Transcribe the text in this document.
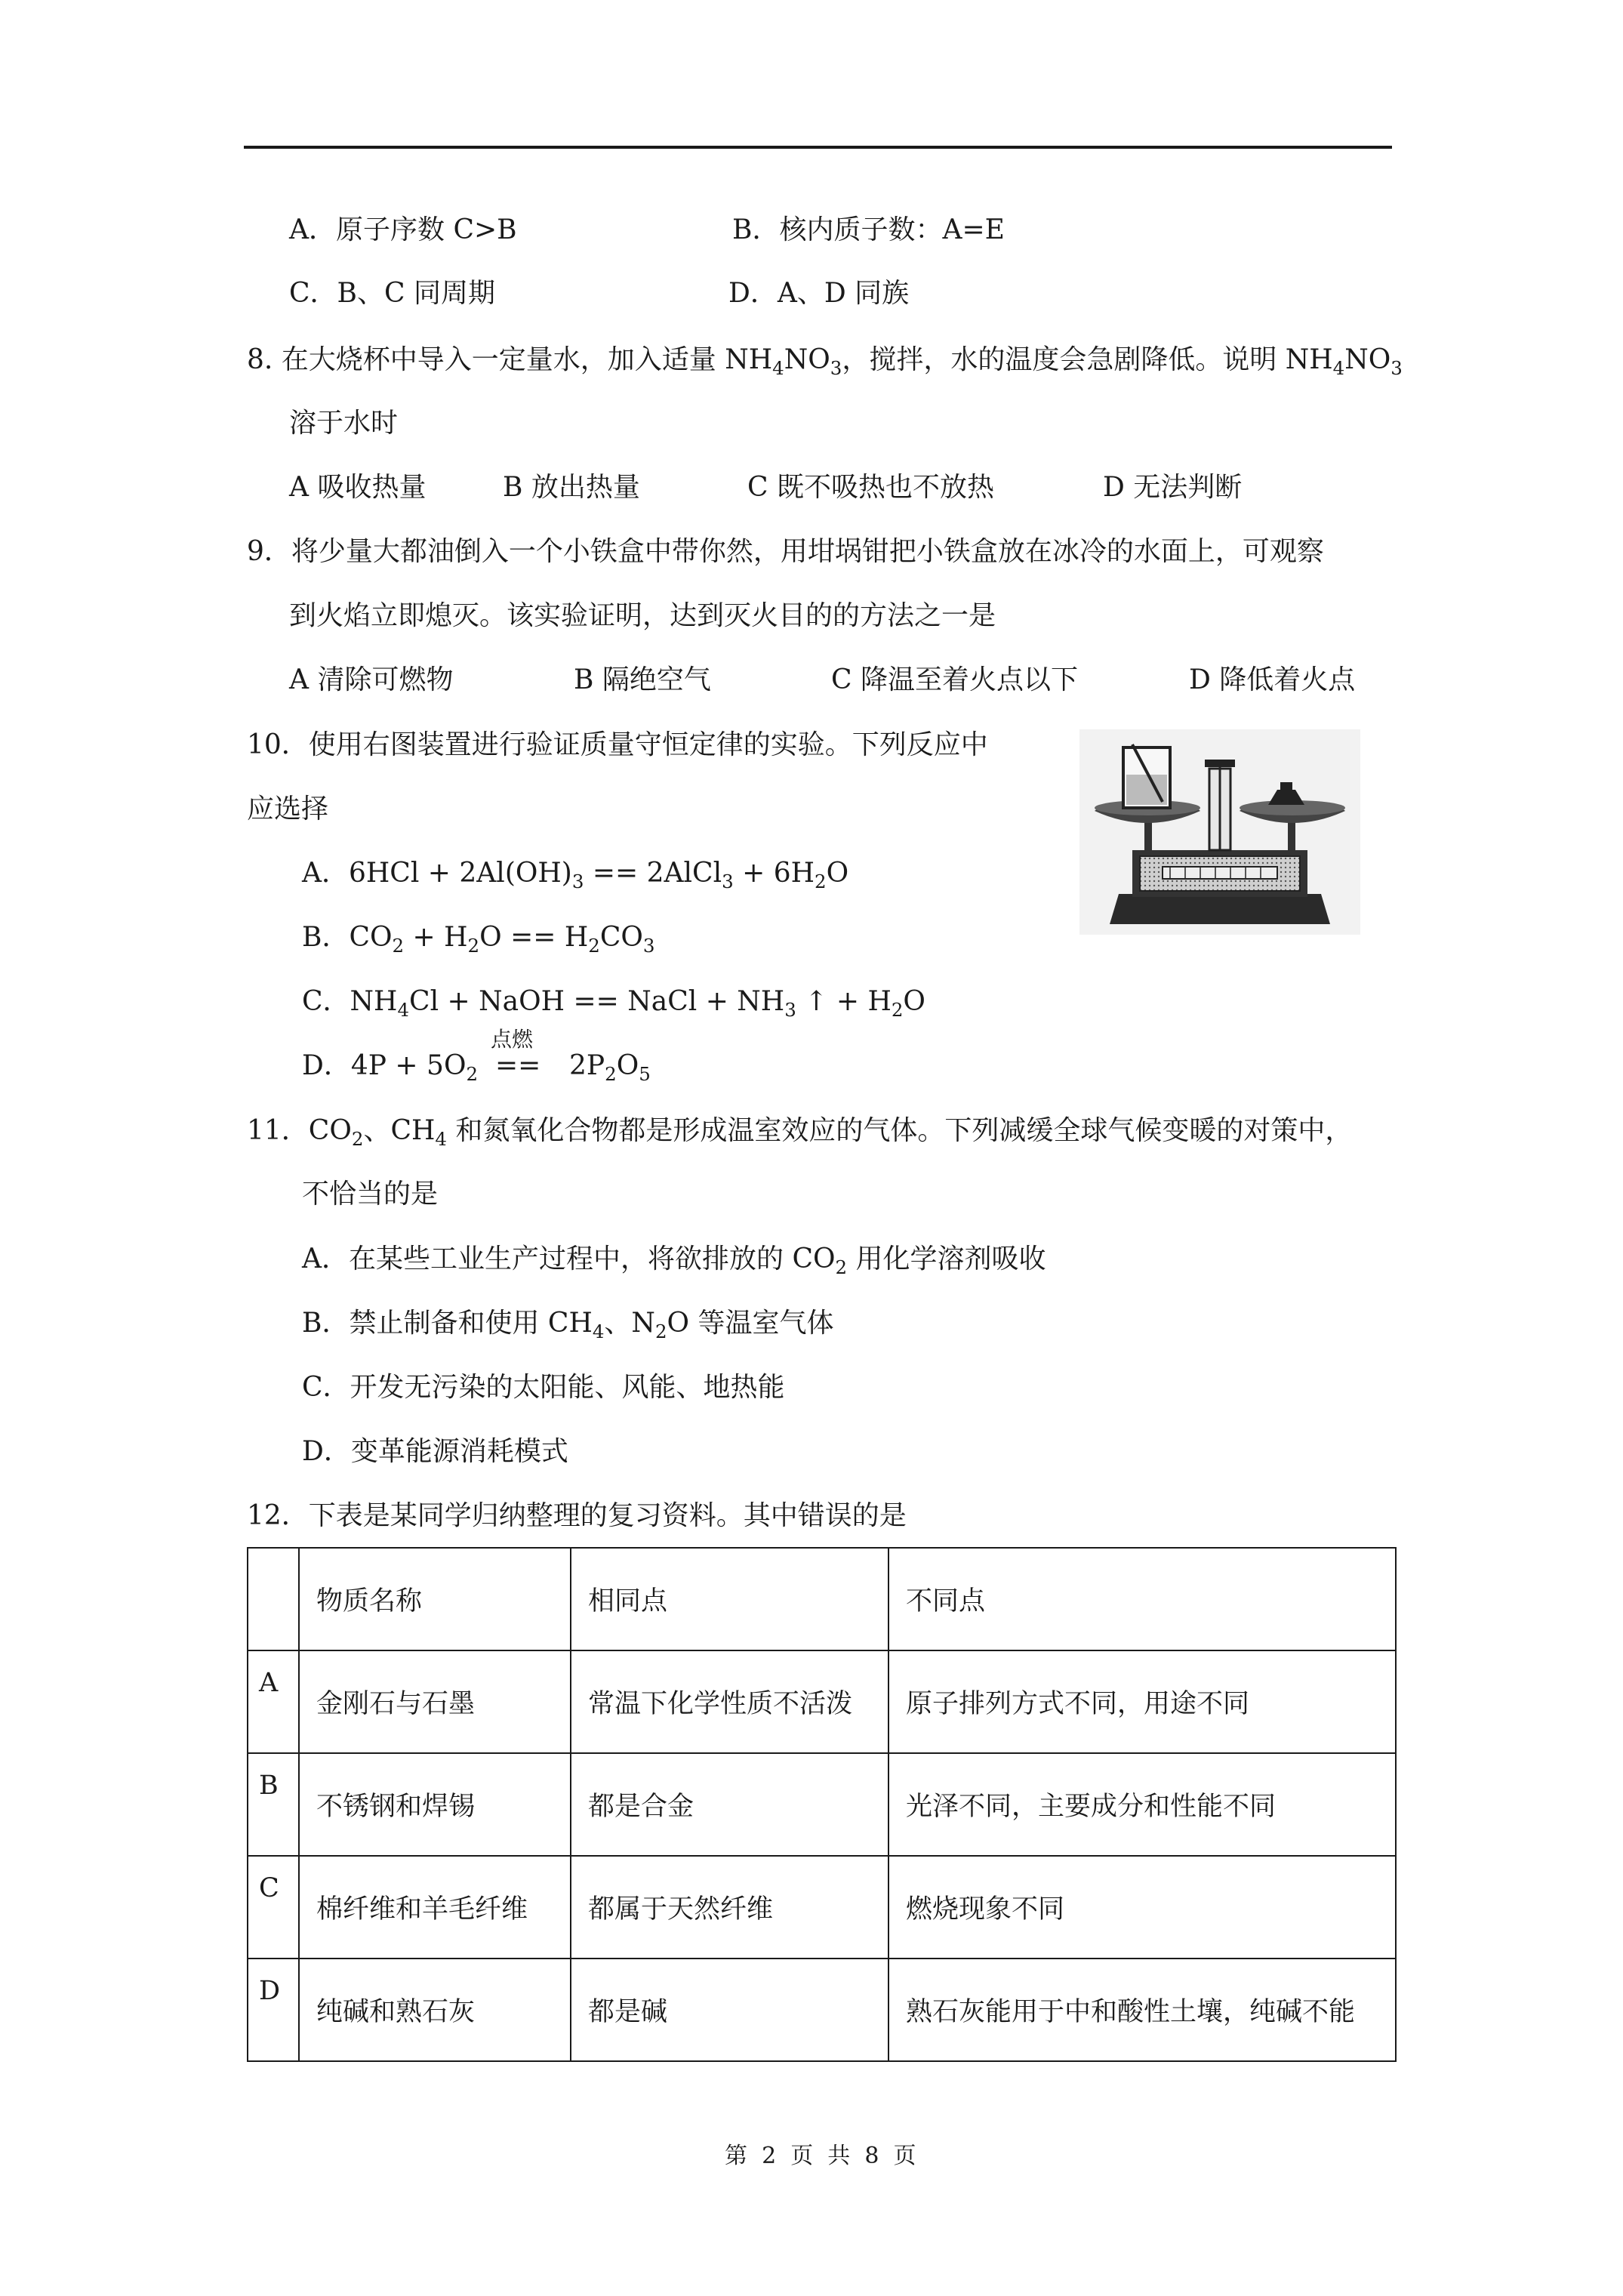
A．原子序数 C>B	B．核内质子数：A=E
C．B、C 同周期	D．A、D 同族
8. 在大烧杯中导入一定量水，加入适量 $NH_4NO_3$，搅拌，水的温度会急剧降低。说明 $NH_4NO_3$
溶于水时
A 吸收热量	B 放出热量	C 既不吸热也不放热	D 无法判断
9．将少量大都油倒入一个小铁盒中带你然，用坩埚钳把小铁盒放在冰冷的水面上，可观察
到火焰立即熄灭。该实验证明，达到灭火目的的方法之一是
A 清除可燃物	B 隔绝空气	C 降温至着火点以下	D 降低着火点
10．使用右图装置进行验证质量守恒定律的实验。下列反应中
应选择
A．$6HCl + 2Al(OH)_3$ == 2AlCl$_3$ + $6H_2O$
B．$CO_2 + H_2O == H_2CO_3$
C．$NH_4Cl$ + NaOH == NaCl + $NH_3$ ↑ + $H_2O$
D．$4P + 5O_2$
点燃
== $2P_2O_5$
11．$CO_2$、$CH_4$ 和氮氧化合物都是形成温室效应的气体。下列减缓全球气候变暖的对策中，
不恰当的是
A．在某些工业生产过程中，将欲排放的 $CO_2$ 用化学溶剂吸收
B．禁止制备和使用 $CH_4$、$N_2O$ 等温室气体
C．开发无污染的太阳能、风能、地热能
D．变革能源消耗模式
12．下表是某同学归纳整理的复习资料。其中错误的是
	物质名称	相同点	不同点
A	金刚石与石墨	常温下化学性质不活泼	原子排列方式不同，用途不同
B	不锈钢和焊锡	都是合金	光泽不同，主要成分和性能不同
C	棉纤维和羊毛纤维	都属于天然纤维	燃烧现象不同
D	纯碱和熟石灰	都是碱	熟石灰能用于中和酸性土壤，纯碱不能
第  2  页  共  8  页
